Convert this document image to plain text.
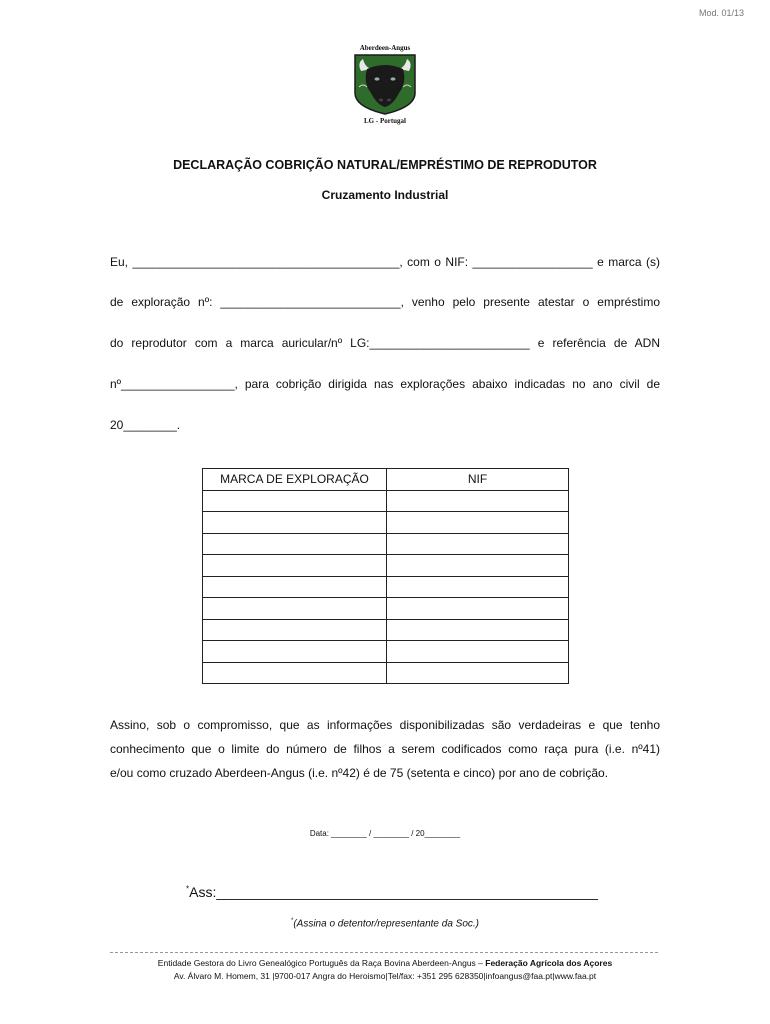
Mod. 01/13
Aberdeen-Angus
LG - Portugal
DECLARAÇÃO COBRIÇÃO NATURAL/EMPRÉSTIMO DE REPRODUTOR
Cruzamento Industrial
Eu, ________________________________________, com o NIF: __________________ e marca (s)
de exploração nº: ___________________________, venho pelo presente atestar o empréstimo
do reprodutor com a marca auricular/nº LG:________________________ e referência de ADN
nº_________________, para cobrição dirigida nas explorações abaixo indicadas no ano civil de
20________.
MARCA DE EXPLORAÇÃO	NIF

Assino, sob o compromisso, que as informações disponibilizadas são verdadeiras e que tenho
conhecimento que o limite do número de filhos a serem codificados como raça pura (i.e. nº41)
e/ou como cruzado Aberdeen-Angus (i.e. nº42) é de 75 (setenta e cinco) por ano de cobrição.
Data: ________ / ________ / 20________
*Ass:_________________________________________________
*(Assina o detentor/representante da Soc.)
Entidade Gestora do Livro Genealógico Português da Raça Bovina Aberdeen-Angus – Federação Agrícola dos Açores
Av. Álvaro M. Homem, 31 |9700-017 Angra do Heroismo|Tel/fax: +351 295 628350|infoangus@faa.pt|www.faa.pt
